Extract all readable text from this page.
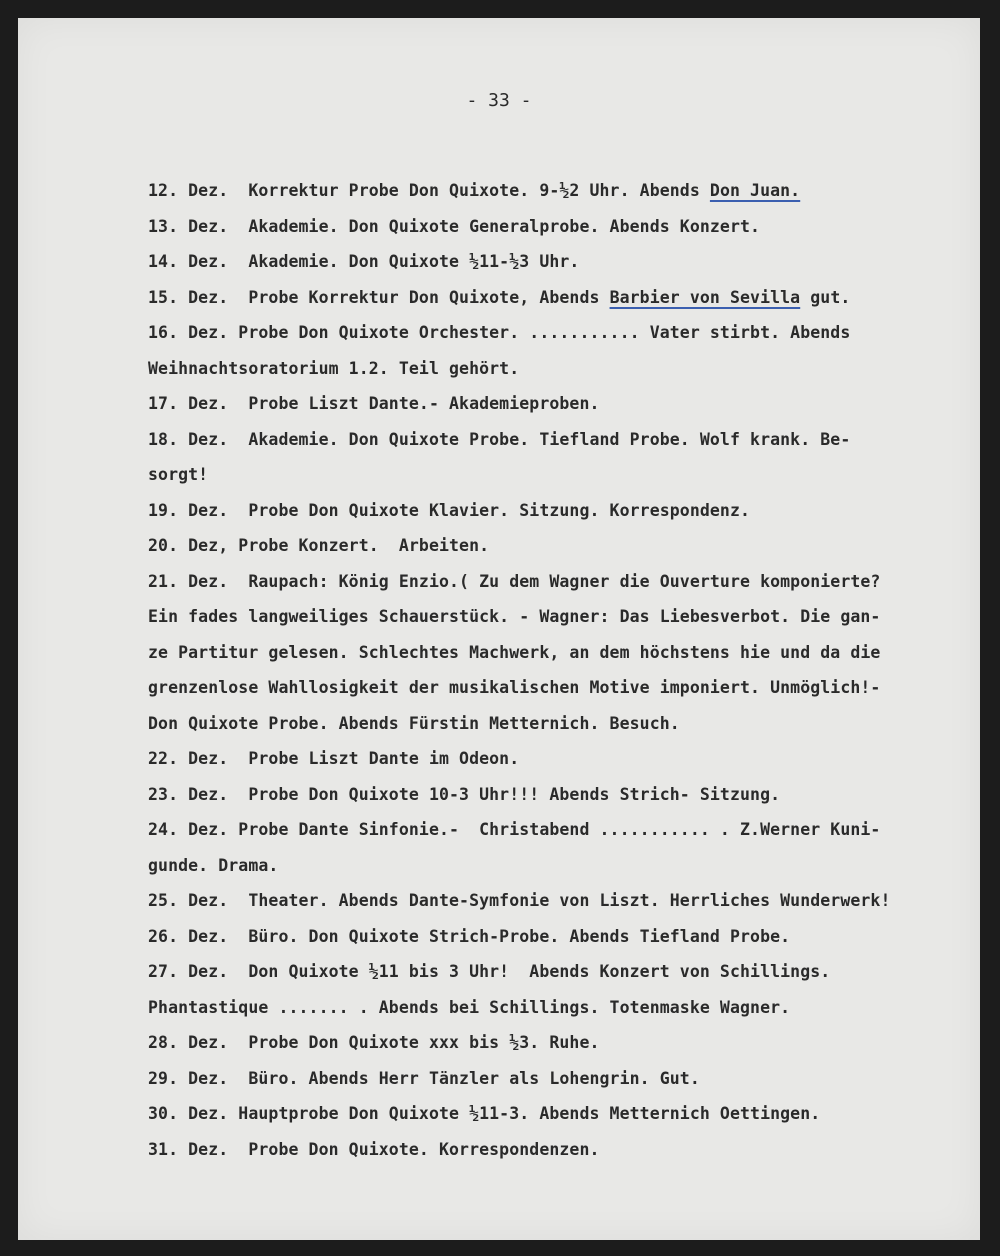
- 33 -
12. Dez.  Korrektur Probe Don Quixote. 9-½2 Uhr. Abends Don Juan.
13. Dez.  Akademie. Don Quixote Generalprobe. Abends Konzert.
14. Dez.  Akademie. Don Quixote ½11-½3 Uhr.
15. Dez.  Probe Korrektur Don Quixote, Abends Barbier von Sevilla gut.
16. Dez. Probe Don Quixote Orchester. ........... Vater stirbt. Abends
Weihnachtsoratorium 1.2. Teil gehört.
17. Dez.  Probe Liszt Dante.- Akademieproben.
18. Dez.  Akademie. Don Quixote Probe. Tiefland Probe. Wolf krank. Be-
sorgt!
19. Dez.  Probe Don Quixote Klavier. Sitzung. Korrespondenz.
20. Dez, Probe Konzert.  Arbeiten.
21. Dez.  Raupach: König Enzio.( Zu dem Wagner die Ouverture komponierte?
Ein fades langweiliges Schauerstück. - Wagner: Das Liebesverbot. Die gan-
ze Partitur gelesen. Schlechtes Machwerk, an dem höchstens hie und da die
grenzenlose Wahllosigkeit der musikalischen Motive imponiert. Unmöglich!-
Don Quixote Probe. Abends Fürstin Metternich. Besuch.
22. Dez.  Probe Liszt Dante im Odeon.
23. Dez.  Probe Don Quixote 10-3 Uhr!!! Abends Strich- Sitzung.
24. Dez. Probe Dante Sinfonie.-  Christabend ........... . Z.Werner Kuni-
gunde. Drama.
25. Dez.  Theater. Abends Dante-Symfonie von Liszt. Herrliches Wunderwerk!
26. Dez.  Büro. Don Quixote Strich-Probe. Abends Tiefland Probe.
27. Dez.  Don Quixote ½11 bis 3 Uhr!  Abends Konzert von Schillings.
Phantastique ....... . Abends bei Schillings. Totenmaske Wagner.
28. Dez.  Probe Don Quixote xxx bis ½3. Ruhe.
29. Dez.  Büro. Abends Herr Tänzler als Lohengrin. Gut.
30. Dez. Hauptprobe Don Quixote ½11-3. Abends Metternich Oettingen.
31. Dez.  Probe Don Quixote. Korrespondenzen.
